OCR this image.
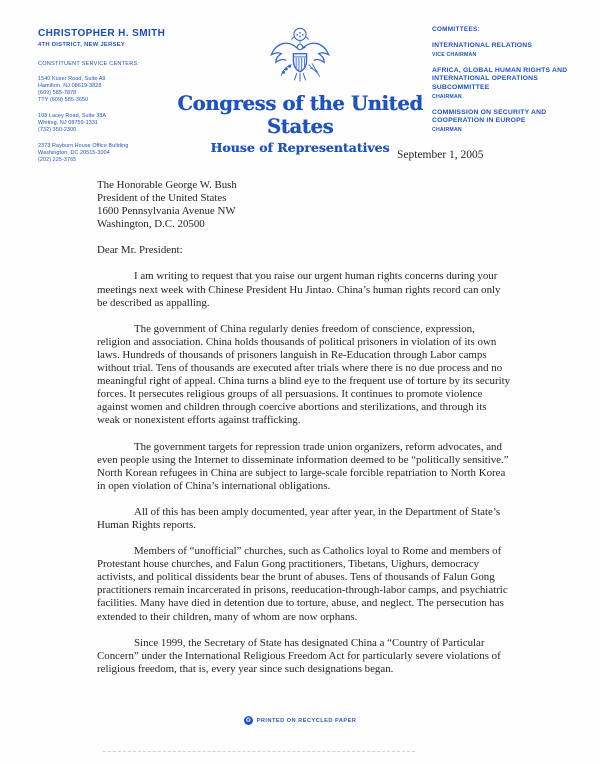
CHRISTOPHER H. SMITH
4TH DISTRICT, NEW JERSEY
CONSTITUENT SERVICE CENTERS:
1540 Kuser Road, Suite A9
Hamilton, NJ 08619-3828
(609) 585-7878
TTY (609) 585-3650
108 Lacey Road, Suite 38A
Whiting, NJ 08759-1331
(732) 350-2300
2373 Rayburn House Office Building
Washington, DC 20515-3004
(202) 225-3765
Congress of the United States
House of Representatives
COMMITTEES:
INTERNATIONAL RELATIONS
VICE CHAIRMAN
AFRICA, GLOBAL HUMAN RIGHTS AND INTERNATIONAL OPERATIONS SUBCOMMITTEE
CHAIRMAN
COMMISSION ON SECURITY AND COOPERATION IN EUROPE
CHAIRMAN
September 1, 2005
The Honorable George W. Bush
President of the United States
1600 Pennsylvania Avenue NW
Washington, D.C. 20500
Dear Mr. President:

I am writing to request that you raise our urgent human rights concerns during your meetings next week with Chinese President Hu Jintao. China’s human rights record can only be described as appalling.

The government of China regularly denies freedom of conscience, expression, religion and association. China holds thousands of political prisoners in violation of its own laws. Hundreds of thousands of prisoners languish in Re-Education through Labor camps without trial. Tens of thousands are executed after trials where there is no due process and no meaningful right of appeal. China turns a blind eye to the frequent use of torture by its security forces. It persecutes religious groups of all persuasions. It continues to promote violence against women and children through coercive abortions and sterilizations, and through its weak or nonexistent efforts against trafficking.

The government targets for repression trade union organizers, reform advocates, and even people using the Internet to disseminate information deemed to be “politically sensitive.” North Korean refugees in China are subject to large-scale forcible repatriation to North Korea in open violation of China’s international obligations.

All of this has been amply documented, year after year, in the Department of State’s Human Rights reports.

Members of “unofficial” churches, such as Catholics loyal to Rome and members of Protestant house churches, and Falun Gong practitioners, Tibetans, Uighurs, democracy activists, and political dissidents bear the brunt of abuses. Tens of thousands of Falun Gong practitioners remain incarcerated in prisons, reeducation-through-labor camps, and psychiatric facilities. Many have died in detention due to torture, abuse, and neglect. The persecution has extended to their children, many of whom are now orphans.

Since 1999, the Secretary of State has designated China a “Country of Particular Concern” under the International Religious Freedom Act for particularly severe violations of religious freedom, that is, every year since such designations began.

♻ PRINTED ON RECYCLED PAPER
